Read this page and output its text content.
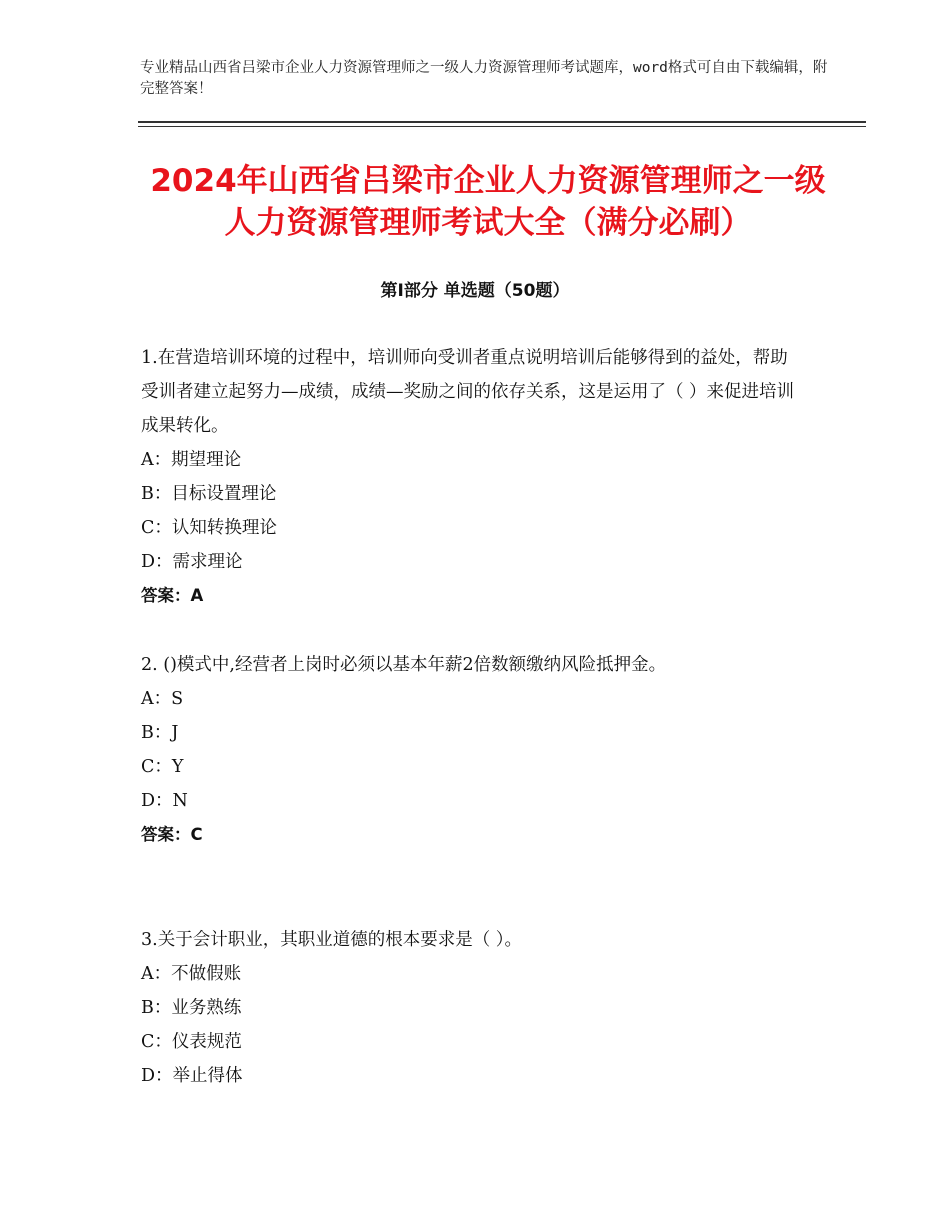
专业精品山西省吕梁市企业人力资源管理师之一级人力资源管理师考试题库，word格式可自由下载编辑，附完整答案！
2024年山西省吕梁市企业人力资源管理师之一级人力资源管理师考试大全（满分必刷）
第Ⅰ部分 单选题（50题）

1.在营造培训环境的过程中，培训师向受训者重点说明培训后能够得到的益处，帮助受训者建立起努力—成绩，成绩—奖励之间的依存关系，这是运用了（ ）来促进培训成果转化。

A：期望理论

B：目标设置理论

C：认知转换理论

D：需求理论

答案：A

2. ()模式中,经营者上岗时必须以基本年薪2倍数额缴纳风险抵押金。

A：S

B：J

C：Y

D：N

答案：C

3.关于会计职业，其职业道德的根本要求是（ ）。

A：不做假账

B：业务熟练

C：仪表规范

D：举止得体
